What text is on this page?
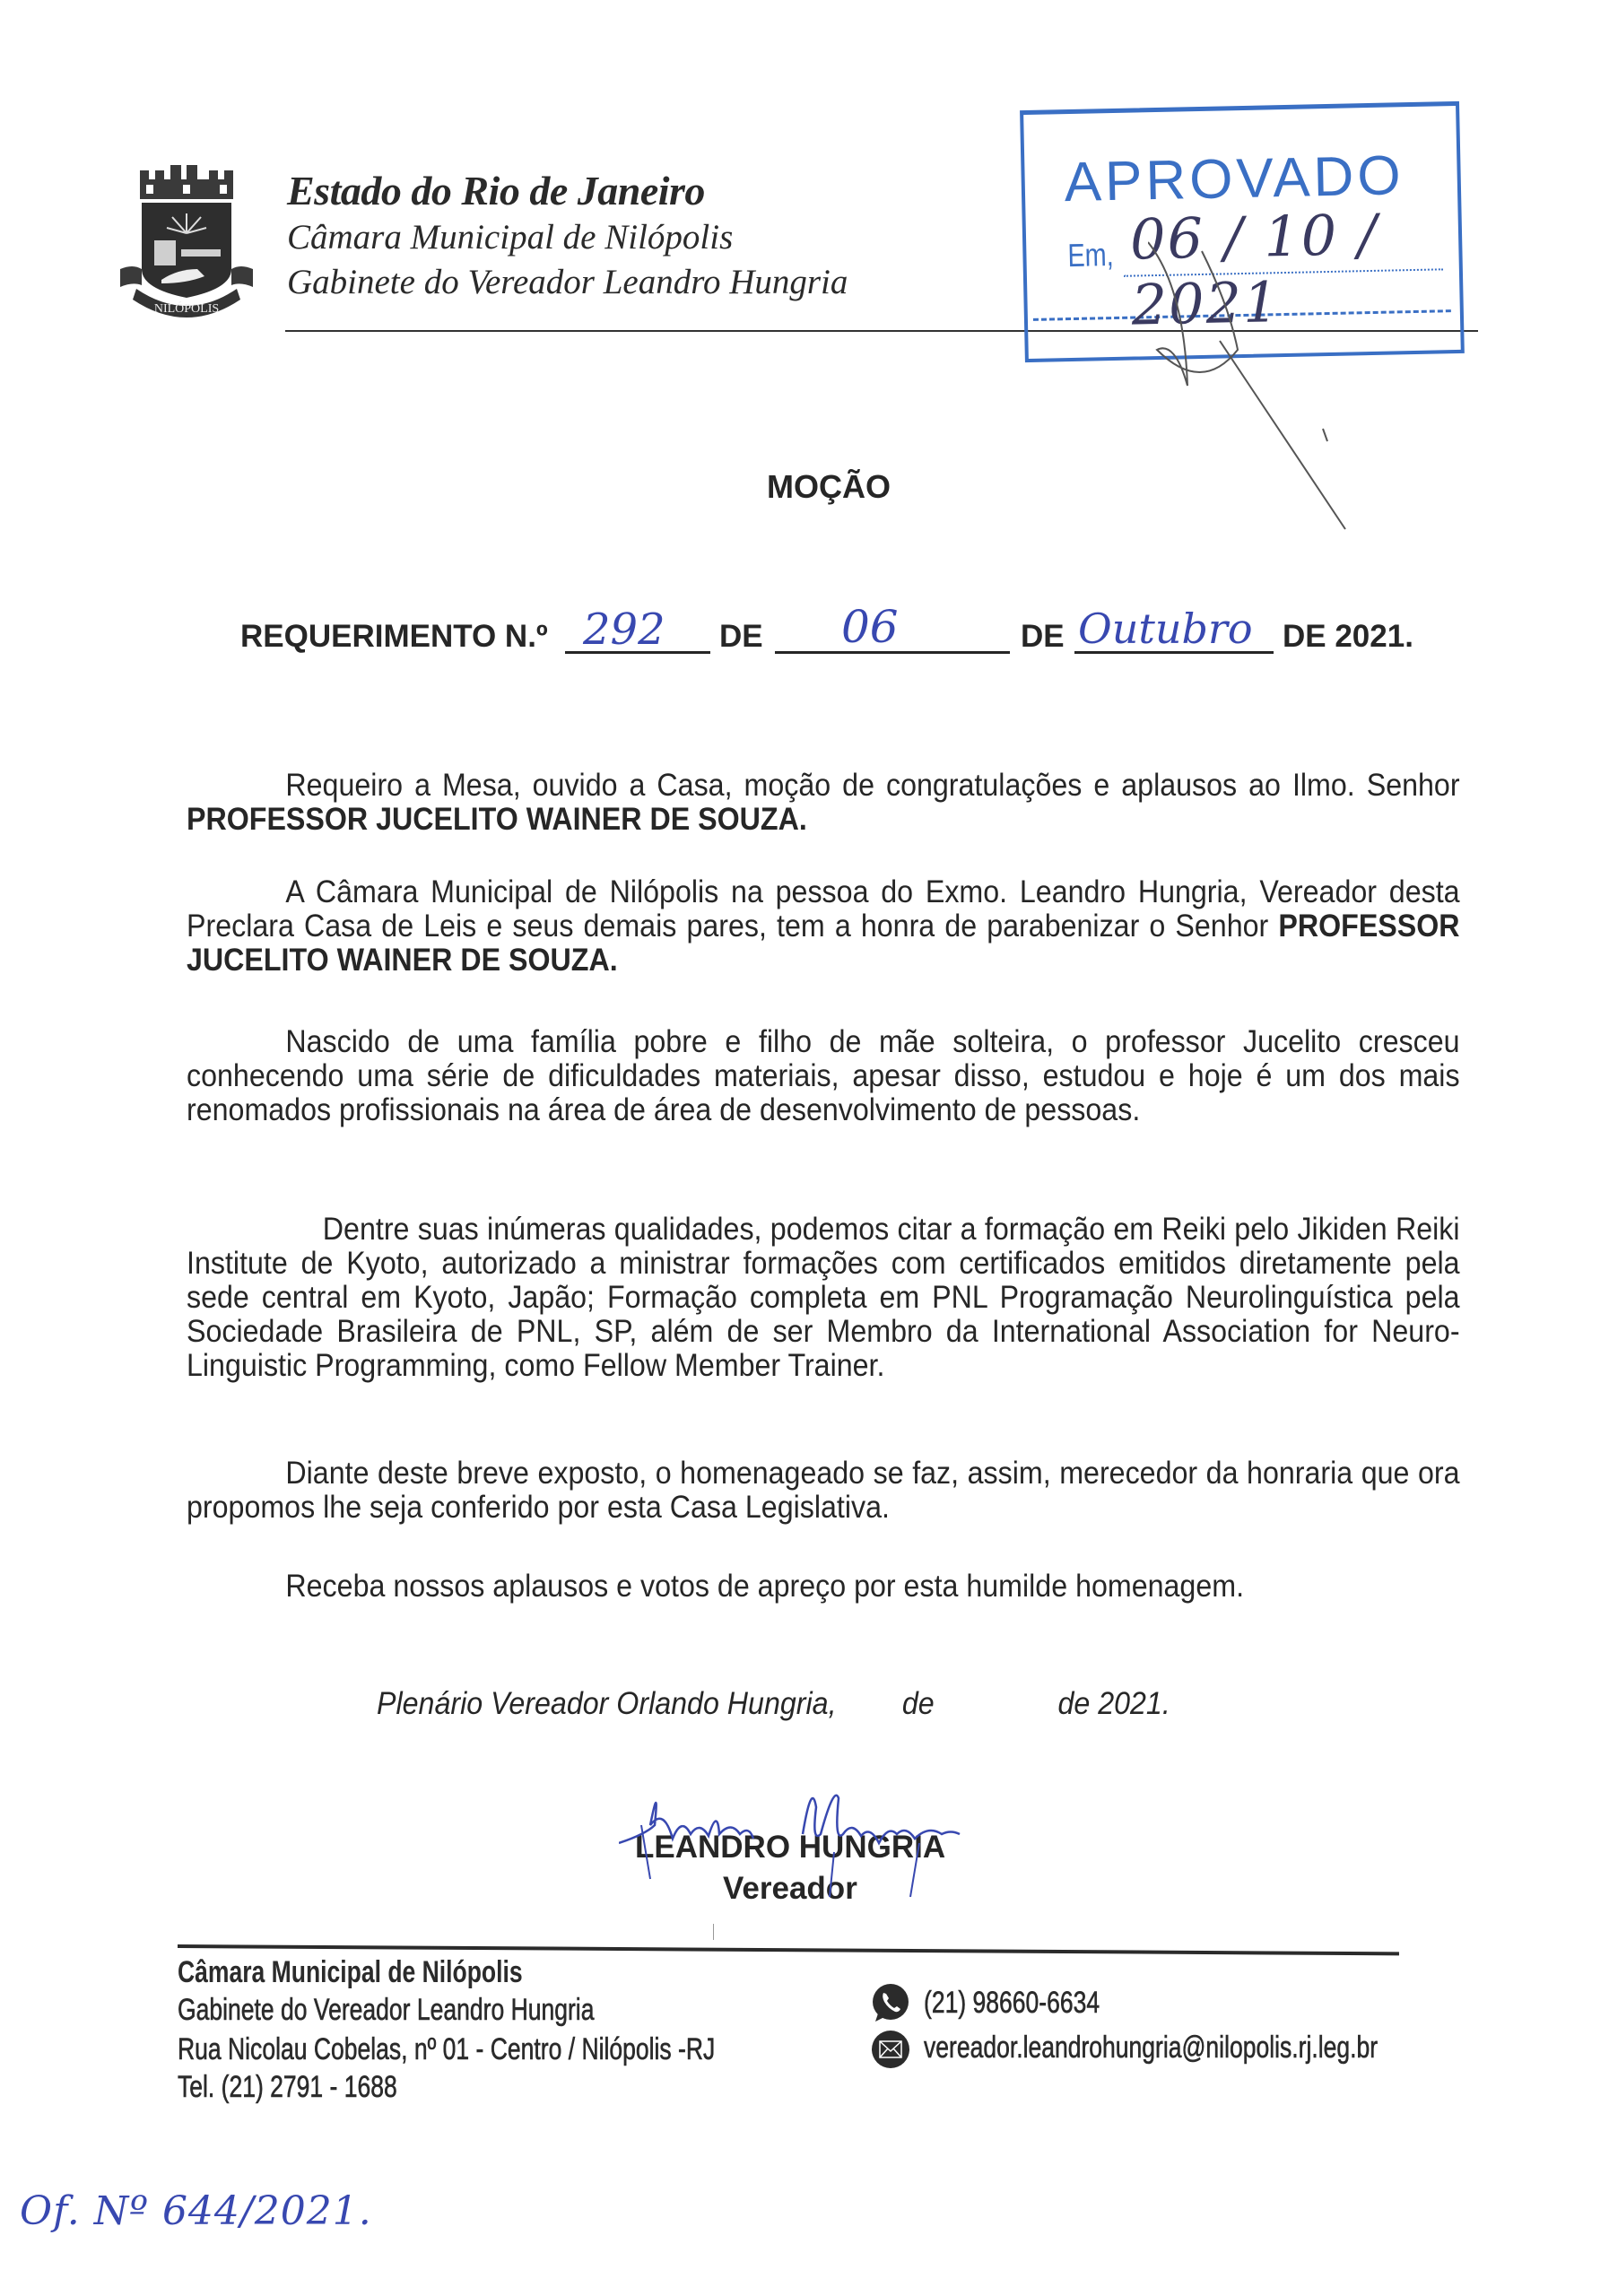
NILÓPOLIS
Estado do Rio de Janeiro
Câmara Municipal de Nilópolis
Gabinete do Vereador Leandro Hungria
APROVADO
Em, 06 / 10 / 2021
MOÇÃO
REQUERIMENTO N.º 292 DE 06	DE Outubro DE 2021.
Requeiro a Mesa, ouvido a Casa, moção de congratulações e aplausos ao Ilmo. Senhor PROFESSOR JUCELITO WAINER DE SOUZA.
A Câmara Municipal de Nilópolis na pessoa do Exmo. Leandro Hungria, Vereador desta Preclara Casa de Leis e seus demais pares, tem a honra de parabenizar o Senhor PROFESSOR JUCELITO WAINER DE SOUZA.
Nascido de uma família pobre e filho de mãe solteira, o professor Jucelito cresceu conhecendo uma série de dificuldades materiais, apesar disso, estudou e hoje é um dos mais renomados profissionais na área de área de desenvolvimento de pessoas.
Dentre suas inúmeras qualidades, podemos citar a formação em Reiki pelo Jikiden Reiki Institute de Kyoto, autorizado a ministrar formações com certificados emitidos diretamente pela sede central em Kyoto, Japão; Formação completa em PNL Programação Neurolinguística pela Sociedade Brasileira de PNL, SP, além de ser Membro da International Association for Neuro-Linguistic Programming, como Fellow Member Trainer.
Diante deste breve exposto, o homenageado se faz, assim, merecedor da honraria que ora propomos lhe seja conferido por esta Casa Legislativa.
Receba nossos aplausos e votos de apreço por esta humilde homenagem.
Plenário Vereador Orlando Hungria, de	de 2021.
LEANDRO HUNGRIA
Vereador
Câmara Municipal de Nilópolis
Gabinete do Vereador Leandro Hungria
Rua Nicolau Cobelas, nº 01 - Centro / Nilópolis -RJ
Tel. (21) 2791 - 1688
(21) 98660-6634
vereador.leandrohungria@nilopolis.rj.leg.br
Of. Nº 644/2021.
